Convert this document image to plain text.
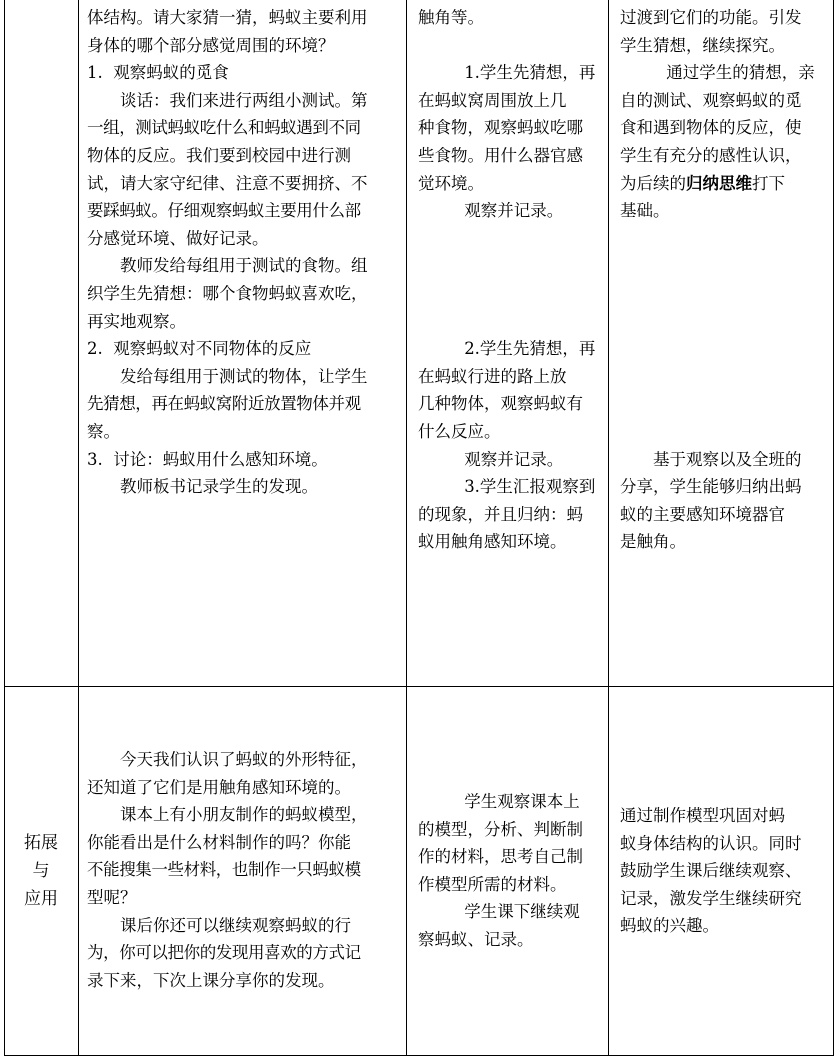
体结构。请大家猜一猜，蚂蚁主要利用

身体的哪个部分感觉周围的环境？

1.  观察蚂蚁的觅食

谈话：我们来进行两组小测试。第

一组，测试蚂蚁吃什么和蚂蚁遇到不同

物体的反应。我们要到校园中进行测

试，请大家守纪律、注意不要拥挤、不

要踩蚂蚁。仔细观察蚂蚁主要用什么部

分感觉环境、做好记录。

教师发给每组用于测试的食物。组

织学生先猜想：哪个食物蚂蚁喜欢吃，

再实地观察。

2.  观察蚂蚁对不同物体的反应

发给每组用于测试的物体，让学生

先猜想，再在蚂蚁窝附近放置物体并观

察。

3.  讨论：蚂蚁用什么感知环境。

教师板书记录学生的发现。

触角等。

1.学生先猜想，再

在蚂蚁窝周围放上几

种食物，观察蚂蚁吃哪

些食物。用什么器官感

觉环境。

观察并记录。

2.学生先猜想，再

在蚂蚁行进的路上放

几种物体，观察蚂蚁有

什么反应。

观察并记录。

3.学生汇报观察到

的现象，并且归纳：蚂

蚁用触角感知环境。

过渡到它们的功能。引发

学生猜想，继续探究。

通过学生的猜想，亲

自的测试、观察蚂蚁的觅

食和遇到物体的反应，使

学生有充分的感性认识，

为后续的归纳思维打下

基础。

基于观察以及全班的

分享，学生能够归纳出蚂

蚁的主要感知环境器官

是触角。

拓展
与
应用

今天我们认识了蚂蚁的外形特征，

还知道了它们是用触角感知环境的。

课本上有小朋友制作的蚂蚁模型，

你能看出是什么材料制作的吗？你能

不能搜集一些材料，也制作一只蚂蚁模

型呢？

课后你还可以继续观察蚂蚁的行

为，你可以把你的发现用喜欢的方式记

录下来，下次上课分享你的发现。

学生观察课本上

的模型，分析、判断制

作的材料，思考自己制

作模型所需的材料。

学生课下继续观

察蚂蚁、记录。

通过制作模型巩固对蚂

蚁身体结构的认识。同时

鼓励学生课后继续观察、

记录，激发学生继续研究

蚂蚁的兴趣。
